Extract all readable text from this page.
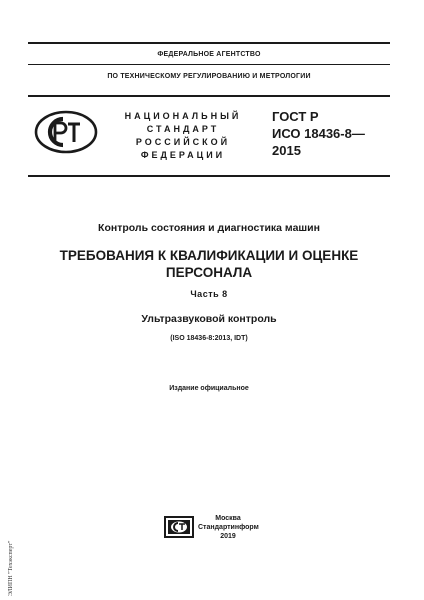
ФЕДЕРАЛЬНОЕ АГЕНТСТВО
ПО ТЕХНИЧЕСКОМУ РЕГУЛИРОВАНИЮ И МЕТРОЛОГИИ
НАЦИОНАЛЬНЫЙ
СТАНДАРТ
РОССИЙСКОЙ
ФЕДЕРАЦИИ
ГОСТ Р
ИСО 18436-8—
2015
Контроль состояния и диагностика машин
ТРЕБОВАНИЯ К КВАЛИФИКАЦИИ И ОЦЕНКЕ
ПЕРСОНАЛА
Часть 8
Ультразвуковой контроль
(ISO 18436-8:2013, IDT)
Издание официальное
Москва
Стандартинформ
2019
ЭЛИПН "Техэксперт"
